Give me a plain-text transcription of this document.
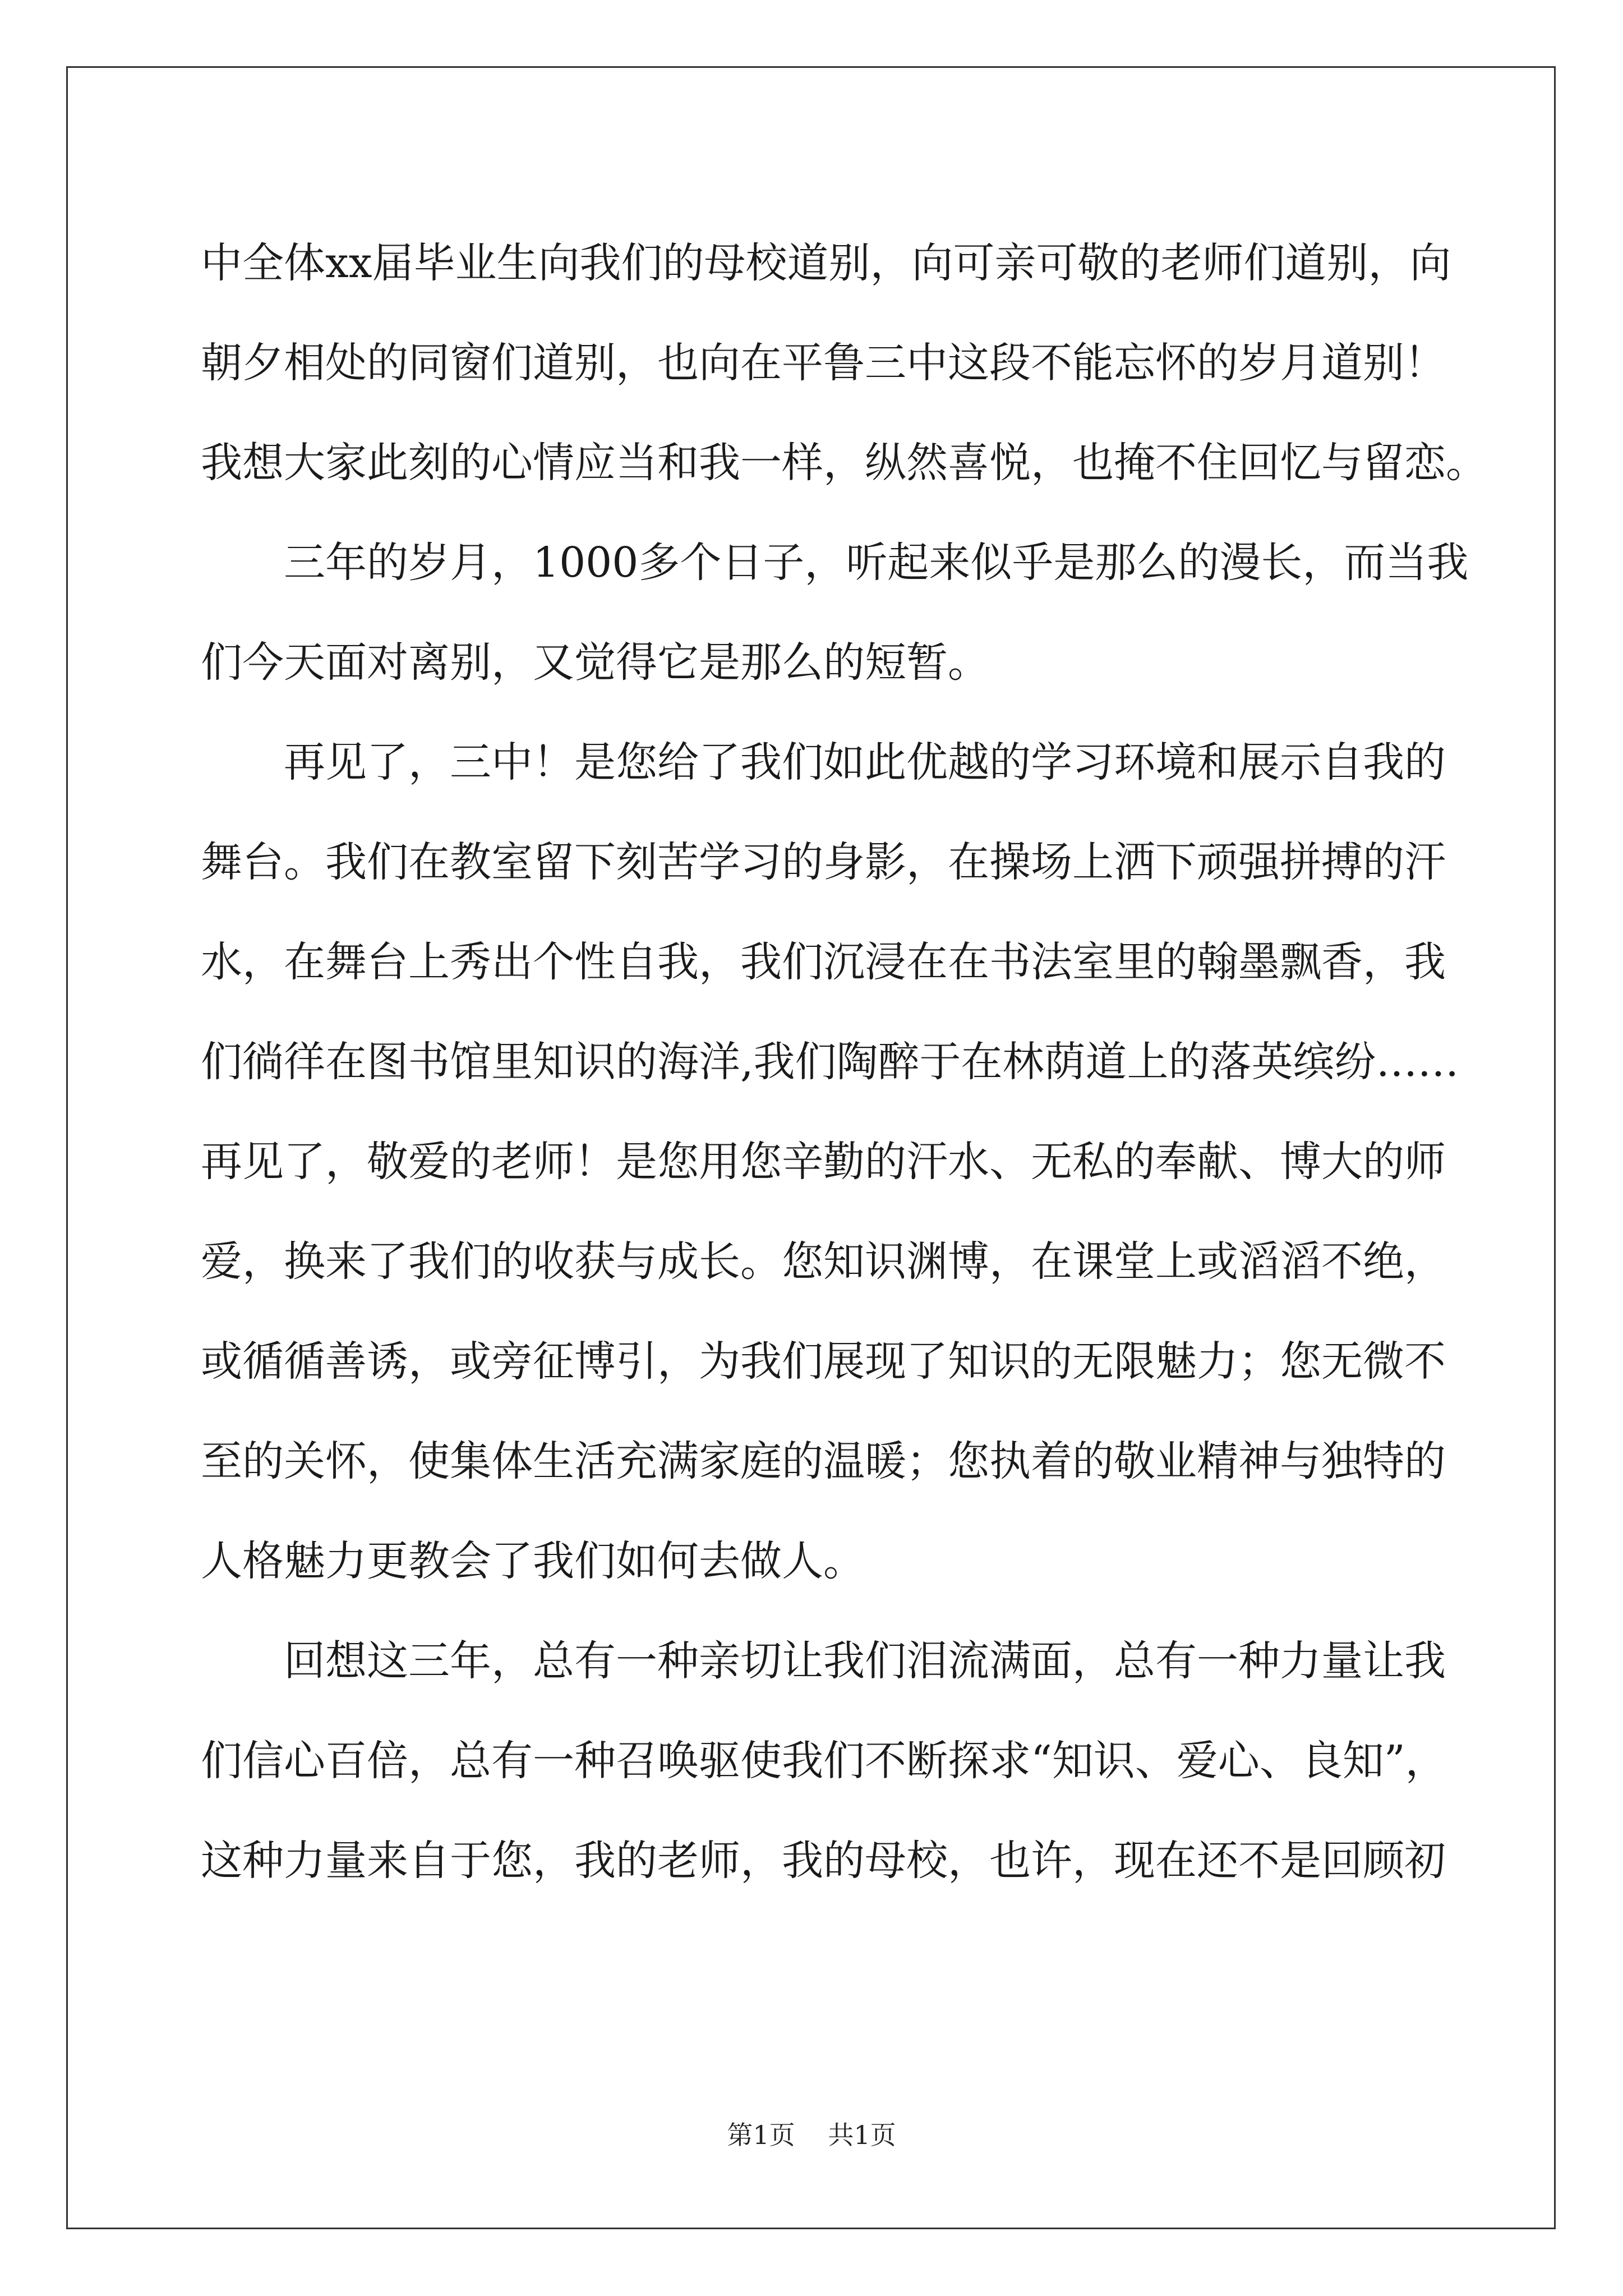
中全体xx届毕业生向我们的母校道别，向可亲可敬的老师们道别，向
朝夕相处的同窗们道别，也向在平鲁三中这段不能忘怀的岁月道别！
我想大家此刻的心情应当和我一样，纵然喜悦，也掩不住回忆与留恋。
三年的岁月，1000多个日子，听起来似乎是那么的漫长，而当我
们今天面对离别，又觉得它是那么的短暂。
再见了，三中！是您给了我们如此优越的学习环境和展示自我的
舞台。我们在教室留下刻苦学习的身影，在操场上洒下顽强拼搏的汗
水，在舞台上秀出个性自我，我们沉浸在在书法室里的翰墨飘香，我
们徜徉在图书馆里知识的海洋,我们陶醉于在林荫道上的落英缤纷……
再见了，敬爱的老师！是您用您辛勤的汗水、无私的奉献、博大的师
爱，换来了我们的收获与成长。您知识渊博，在课堂上或滔滔不绝，
或循循善诱，或旁征博引，为我们展现了知识的无限魅力；您无微不
至的关怀，使集体生活充满家庭的温暖；您执着的敬业精神与独特的
人格魅力更教会了我们如何去做人。
回想这三年，总有一种亲切让我们泪流满面，总有一种力量让我
们信心百倍，总有一种召唤驱使我们不断探求“知识、爱心、良知”，
这种力量来自于您，我的老师，我的母校，也许，现在还不是回顾初
第1页 共1页
